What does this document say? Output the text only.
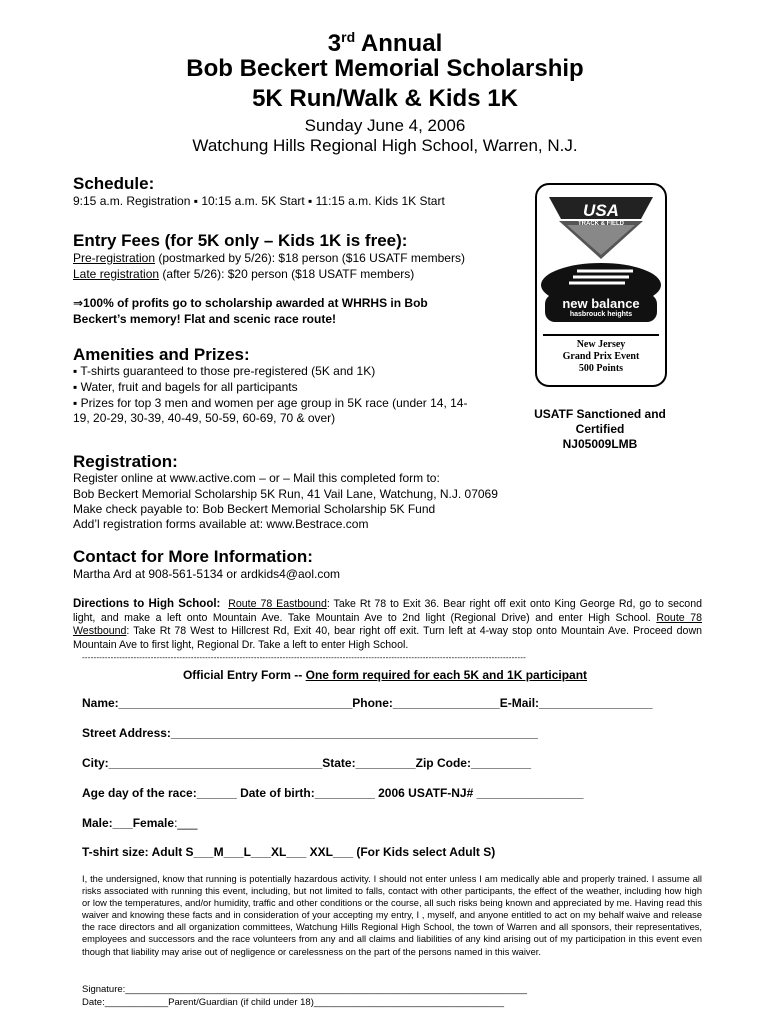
3rd Annual
Bob Beckert Memorial Scholarship
5K Run/Walk & Kids 1K
Sunday June 4, 2006
Watchung Hills Regional High School, Warren, N.J.
Schedule:
9:15 a.m. Registration ▪ 10:15 a.m. 5K Start ▪ 11:15 a.m. Kids 1K Start
Entry Fees (for 5K only – Kids 1K is free):
Pre-registration (postmarked by 5/26): $18 person ($16 USATF members)
Late registration (after 5/26): $20 person ($18 USATF members)
⇒100% of profits go to scholarship awarded at WHRHS in Bob
Beckert’s memory! Flat and scenic race route!
Amenities and Prizes:
▪ T-shirts guaranteed to those pre-registered (5K and 1K)
▪ Water, fruit and bagels for all participants
▪ Prizes for top 3 men and women per age group in 5K race (under 14, 14-
19, 20-29, 30-39, 40-49, 50-59, 60-69, 70 & over)
USA
TRACK & FIELD
new balance
hasbrouck heights
New Jersey
Grand Prix Event
500 Points
USATF Sanctioned and
Certified
NJ05009LMB
Registration:
Register online at www.active.com – or – Mail this completed form to:
Bob Beckert Memorial Scholarship 5K Run, 41 Vail Lane, Watchung, N.J. 07069
Make check payable to: Bob Beckert Memorial Scholarship 5K Fund
Add’l registration forms available at: www.Bestrace.com
Contact for More Information:
Martha Ard at 908-561-5134 or ardkids4@aol.com
Directions to High School: Route 78 Eastbound: Take Rt 78 to Exit 36. Bear right off exit onto King George Rd, go to second light, and make a left onto Mountain Ave. Take Mountain Ave to 2nd light (Regional Drive) and enter High School. Route 78 Westbound: Take Rt 78 West to Hillcrest Rd, Exit 40, bear right off exit. Turn left at 4-way stop onto Mountain Ave. Proceed down Mountain Ave to first light, Regional Dr. Take a left to enter High School.
-----------------------------------------------------------------------------------------------------------------------------------------------------------
Official Entry Form -- One form required for each 5K and 1K participant
Name:___________________________________Phone:________________E-Mail:_________________
Street Address:_______________________________________________________
City:________________________________State:_________Zip Code:_________
Age day of the race:______ Date of birth:_________ 2006 USATF-NJ# ________________
Male:___Female:___
T-shirt size: Adult S___M___L___XL___ XXL___ (For Kids select Adult S)
I, the undersigned, know that running is potentially hazardous activity. I should not enter unless I am medically able and properly trained. I assume all risks associated with running this event, including, but not limited to falls, contact with other participants, the effect of the weather, including how high or low the temperatures, and/or humidity, traffic and other conditions or the course, all such risks being known and appreciated by me. Having read this waiver and knowing these facts and in consideration of your accepting my entry, I , myself, and anyone entitled to act on my behalf waive and release the race directors and all organization committees, Watchung Hills Regional High School, the town of Warren and all sponsors, their representatives, employees and successors and the race volunteers from any and all claims and liabilities of any kind arising out of my participation in this event even though that liability may arise out of negligence or carelessness on the part of the persons named in this waiver.
Signature:____________________________________________________________________________
Date:____________Parent/Guardian (if child under 18)____________________________________
